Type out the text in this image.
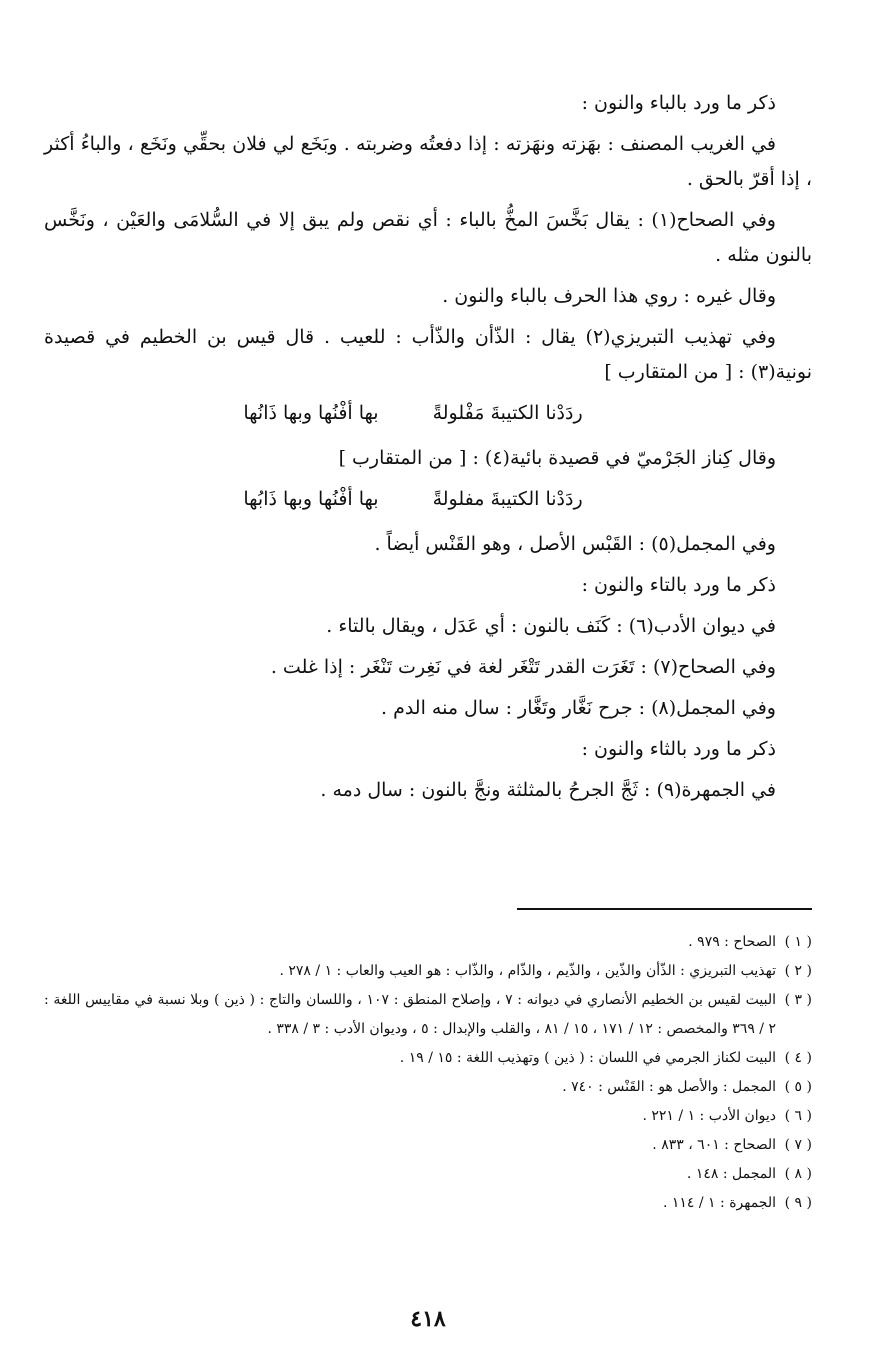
ذكر ما ورد بالباء والنون :

في الغريب المصنف : بهَزته ونهَزته : إذا دفعتُه وضربته . وبَخَع لي فلان بحقِّي ونَخَع ، والباءُ أكثر ، إذا أقرّ بالحق .

وفي الصحاح(١) : يقال بَخَّسَ المخُّ بالباء : أي نقص ولم يبق إلا في السُّلامَى والعَيْن ، ونَخَّس بالنون مثله .

وقال غيره : روي هذا الحرف بالباء والنون .

وفي تهذيب التبريزي(٢) يقال : الذّأن والذّأب : للعيب . قال قيس بن الخطيم في قصيدة نونية(٣) : [ من المتقارب ]

ردَدْنا الكتيبةَ مَفْلولةً
بها أفْنُها وبها ذَانُها

وقال كِناز الجَرْميّ في قصيدة بائية(٤) : [ من المتقارب ]

ردَدْنا الكتيبةَ مفلولةً
بها أفْنُها وبها ذَابُها

وفي المجمل(٥) : القَبْس الأصل ، وهو القَنْس أيضاً .

ذكر ما ورد بالتاء والنون :

في ديوان الأدب(٦) : كَنَف بالنون : أي عَدَل ، ويقال بالتاء .

وفي الصحاح(٧) : تَغَرَت القدر تَتْغَر لغة في نَغِرت تَنْغَر : إذا غلت .

وفي المجمل(٨) : جرح نَغَّار وتَغَّار : سال منه الدم .

ذكر ما ورد بالثاء والنون :

في الجمهرة(٩) : ثَجَّ الجرحُ بالمثلثة ونجَّ بالنون : سال دمه .

( ١ )
الصحاح : ٩٧٩ .
( ٢ )
تهذيب التبريزي : الذّأن والذّين ، والذّيم ، والذّام ، والذّاب : هو العيب والعاب : ١ / ٢٧٨ .
( ٣ )
البيت لقيس بن الخطيم الأنصاري في ديوانه : ٧ ، وإصلاح المنطق : ١٠٧ ، واللسان والتاج : ( ذين ) وبلا نسبة في مقاييس اللغة : ٢ / ٣٦٩ والمخصص : ١٢ / ١٧١ ، ١٥ / ٨١ ، والقلب والإبدال : ٥ ، وديوان الأدب : ٣ / ٣٣٨ .
( ٤ )
البيت لكناز الجرمي في اللسان : ( ذين ) وتهذيب اللغة : ١٥ / ١٩ .
( ٥ )
المجمل : والأصل هو : القَنْس : ٧٤٠ .
( ٦ )
ديوان الأدب : ١ / ٢٢١ .
( ٧ )
الصحاح : ٦٠١ ، ٨٣٣ .
( ٨ )
المجمل : ١٤٨ .
( ٩ )
الجمهرة : ١ / ١١٤ .
٤١٨
